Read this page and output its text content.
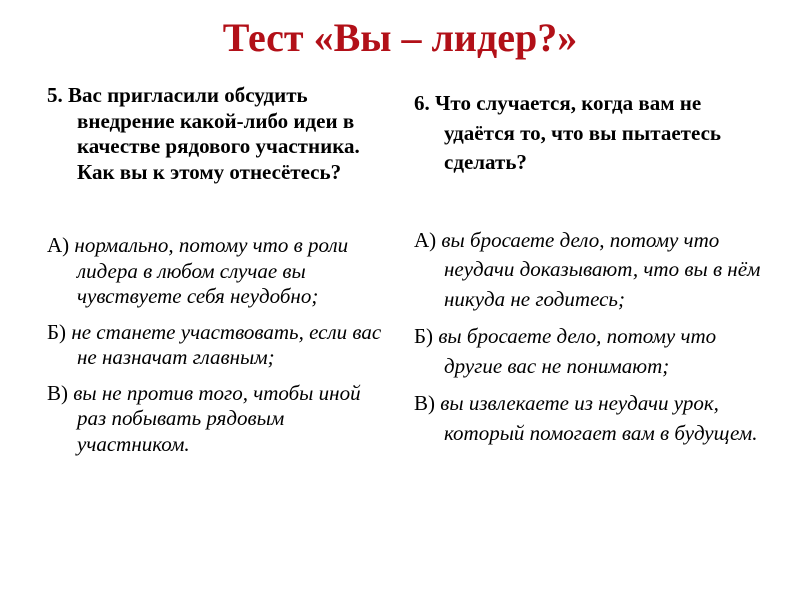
Тест «Вы – лидер?»
5. Вас пригласили обсудить внедрение какой-либо идеи в качестве рядового участника. Как вы к этому отнесётесь?
А) нормально, потому что в роли лидера в любом случае вы чувствуете себя неудобно;
Б) не станете участвовать, если вас не назначат главным;
В) вы не против того, чтобы иной раз побывать рядовым участником.
6. Что случается, когда вам не удаётся то, что вы пытаетесь сделать?
А) вы бросаете дело, потому что неудачи доказывают, что вы в нём никуда не годитесь;
Б) вы бросаете дело, потому что другие вас не понимают;
В) вы извлекаете из неудачи урок, который помогает вам в будущем.
